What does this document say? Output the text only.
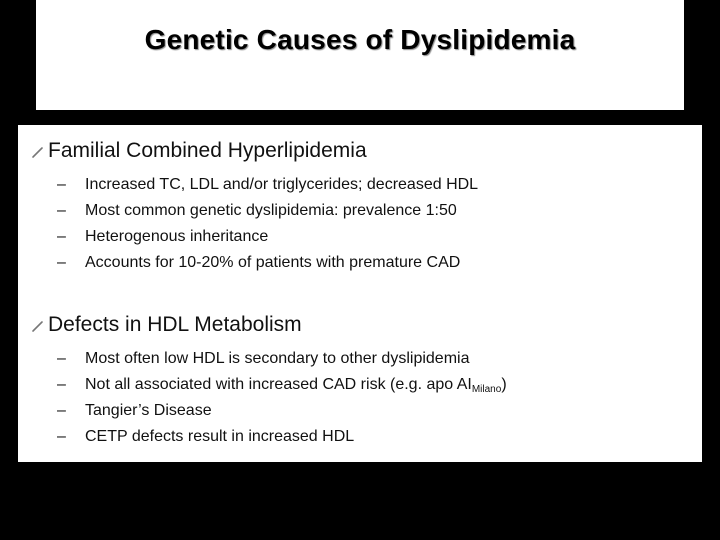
Genetic Causes of Dyslipidemia
Familial Combined Hyperlipidemia
– Increased TC, LDL and/or triglycerides; decreased HDL
– Most common genetic dyslipidemia: prevalence 1:50
– Heterogenous inheritance
– Accounts for 10-20% of patients with premature CAD
Defects in HDL Metabolism
– Most often low HDL is secondary to other dyslipidemia
– Not all associated with increased CAD risk (e.g. apo $AI_{Milano}$)
– Tangier’s Disease
– CETP defects result in increased HDL
